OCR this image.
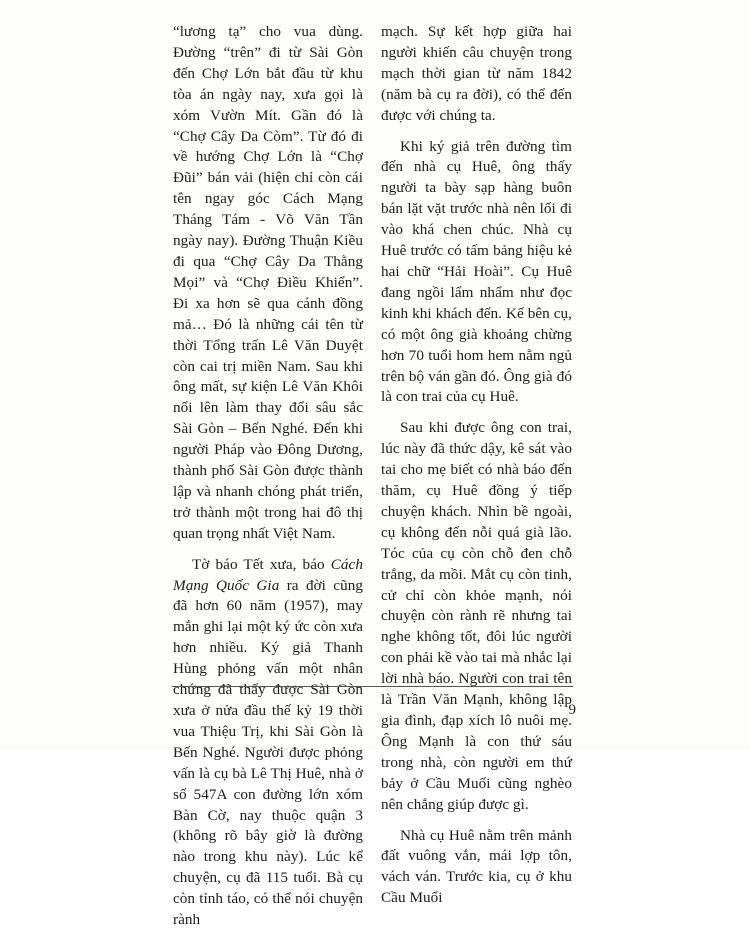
“lương tạ” cho vua dùng. Đường “trên” đi từ Sài Gòn đến Chợ Lớn bắt đầu từ khu tòa án ngày nay, xưa gọi là xóm Vườn Mít. Gần đó là “Chợ Cây Da Còm”. Từ đó đi về hướng Chợ Lớn là “Chợ Đũi” bán vải (hiện chỉ còn cái tên ngay góc Cách Mạng Tháng Tám - Võ Văn Tần ngày nay). Đường Thuận Kiều đi qua “Chợ Cây Da Thằng Mọi” và “Chợ Điều Khiển”. Đi xa hơn sẽ qua cánh đồng mả… Đó là những cái tên từ thời Tổng trấn Lê Văn Duyệt còn cai trị miền Nam. Sau khi ông mất, sự kiện Lê Văn Khôi nổi lên làm thay đổi sâu sắc Sài Gòn – Bến Nghé. Đến khi người Pháp vào Đông Dương, thành phố Sài Gòn được thành lập và nhanh chóng phát triển, trở thành một trong hai đô thị quan trọng nhất Việt Nam.

Tờ báo Tết xưa, báo Cách Mạng Quốc Gia ra đời cũng đã hơn 60 năm (1957), may mắn ghi lại một ký ức còn xưa hơn nhiều. Ký giả Thanh Hùng phỏng vấn một nhân chứng đã thấy được Sài Gòn xưa ở nửa đầu thế kỷ 19 thời vua Thiệu Trị, khi Sài Gòn là Bến Nghé. Người được phỏng vấn là cụ bà Lê Thị Huê, nhà ở số 547A con đường lớn xóm Bàn Cờ, nay thuộc quận 3 (không rõ bây giờ là đường nào trong khu này). Lúc kể chuyện, cụ đã 115 tuổi. Bà cụ còn tỉnh táo, có thể nói chuyện rành

mạch. Sự kết hợp giữa hai người khiến câu chuyện trong mạch thời gian từ năm 1842 (năm bà cụ ra đời), có thể đến được với chúng ta.

Khi ký giả trên đường tìm đến nhà cụ Huê, ông thấy người ta bày sạp hàng buôn bán lặt vặt trước nhà nên lối đi vào khá chen chúc. Nhà cụ Huê trước có tấm bảng hiệu kẻ hai chữ “Hải Hoài”. Cụ Huê đang ngồi lẩm nhẩm như đọc kinh khi khách đến. Kế bên cụ, có một ông già khoảng chừng hơn 70 tuổi hom hem nằm ngủ trên bộ ván gần đó. Ông già đó là con trai của cụ Huê.

Sau khi được ông con trai, lúc này đã thức dậy, kê sát vào tai cho mẹ biết có nhà báo đến thăm, cụ Huê đồng ý tiếp chuyện khách. Nhìn bề ngoài, cụ không đến nỗi quá già lão. Tóc của cụ còn chỗ đen chỗ trắng, da mồi. Mắt cụ còn tinh, cử chỉ còn khỏe mạnh, nói chuyện còn rành rẽ nhưng tai nghe không tốt, đôi lúc người con phải kề vào tai mà nhắc lại lời nhà báo. Người con trai tên là Trần Văn Mạnh, không lập gia đình, đạp xích lô nuôi mẹ. Ông Mạnh là con thứ sáu trong nhà, còn người em thứ bảy ở Cầu Muối cũng nghèo nên chẳng giúp được gì.

Nhà cụ Huê nằm trên mảnh đất vuông vắn, mái lợp tôn, vách ván. Trước kia, cụ ở khu Cầu Muối

9
